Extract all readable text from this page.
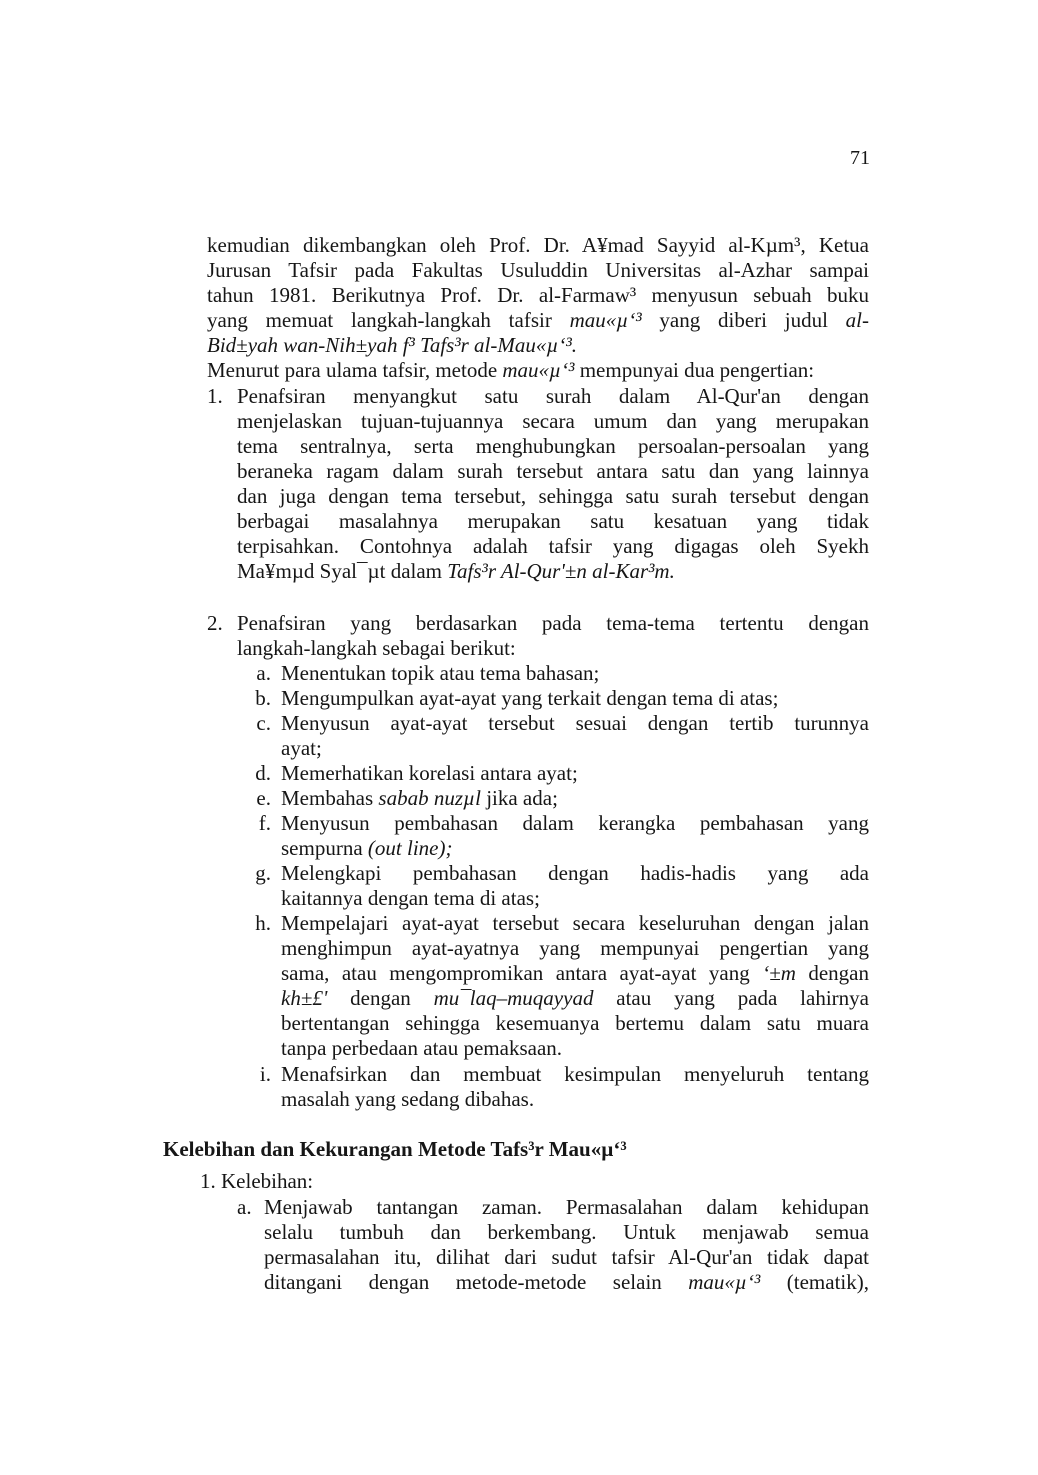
71
kemudian dikembangkan oleh Prof. Dr. A¥mad Sayyid al-Kµm³, Ketua
Jurusan Tafsir pada Fakultas Usuluddin Universitas al-Azhar sampai
tahun 1981. Berikutnya Prof. Dr. al-Farmaw³ menyusun sebuah buku
yang memuat langkah-langkah tafsir mau«µ‘³ yang diberi judul al-
Bid±yah wan-Nih±yah f³ Tafs³r al-Mau«µ‘³.
Menurut para ulama tafsir, metode mau«µ‘³ mempunyai dua pengertian:
1. Penafsiran menyangkut satu surah dalam Al-Qur'an dengan
menjelaskan tujuan-tujuannya secara umum dan yang merupakan
tema sentralnya, serta menghubungkan persoalan-persoalan yang
beraneka ragam dalam surah tersebut antara satu dan yang lainnya
dan juga dengan tema tersebut, sehingga satu surah tersebut dengan
berbagai masalahnya merupakan satu kesatuan yang tidak
terpisahkan. Contohnya adalah tafsir yang digagas oleh Syekh
Ma¥mµd Syal¯µt dalam Tafs³r Al-Qur'±n al-Kar³m.
2. Penafsiran yang berdasarkan pada tema-tema tertentu dengan
langkah-langkah sebagai berikut:
a. Menentukan topik atau tema bahasan;
b. Mengumpulkan ayat-ayat yang terkait dengan tema di atas;
c. Menyusun ayat-ayat tersebut sesuai dengan tertib turunnya
ayat;
d. Memerhatikan korelasi antara ayat;
e. Membahas sabab nuzµl jika ada;
f. Menyusun pembahasan dalam kerangka pembahasan yang
sempurna (out line);
g. Melengkapi pembahasan dengan hadis-hadis yang ada
kaitannya dengan tema di atas;
h. Mempelajari ayat-ayat tersebut secara keseluruhan dengan jalan
menghimpun ayat-ayatnya yang mempunyai pengertian yang
sama, atau mengompromikan antara ayat-ayat yang ‘±m dengan
kh±£' dengan mu¯laq–muqayyad atau yang pada lahirnya
bertentangan sehingga kesemuanya bertemu dalam satu muara
tanpa perbedaan atau pemaksaan.
i. Menafsirkan dan membuat kesimpulan menyeluruh tentang
masalah yang sedang dibahas.
Kelebihan dan Kekurangan Metode Tafs³r Mau«µ‘³
1. Kelebihan:
a. Menjawab tantangan zaman. Permasalahan dalam kehidupan
selalu tumbuh dan berkembang. Untuk menjawab semua
permasalahan itu, dilihat dari sudut tafsir Al-Qur'an tidak dapat
ditangani dengan metode-metode selain mau«µ‘³ (tematik),
